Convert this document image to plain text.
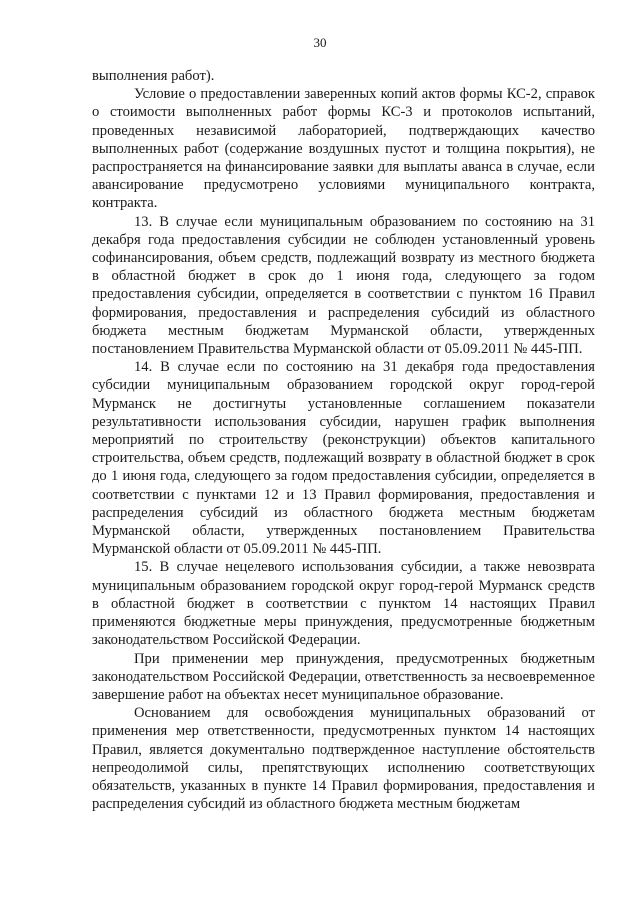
30

выполнения работ).

Условие о предоставлении заверенных копий актов формы КС-2, справок о стоимости выполненных работ формы КС-3 и протоколов испытаний, проведенных независимой лабораторией, подтверждающих качество выполненных работ (содержание воздушных пустот и толщина покрытия), не распространяется на финансирование заявки для выплаты аванса в случае, если авансирование предусмотрено условиями муниципального контракта, контракта.

13. В случае если муниципальным образованием по состоянию на 31 декабря года предоставления субсидии не соблюден установленный уровень софинансирования, объем средств, подлежащий возврату из местного бюджета в областной бюджет в срок до 1 июня года, следующего за годом предоставления субсидии, определяется в соответствии с пунктом 16 Правил формирования, предоставления и распределения субсидий из областного бюджета местным бюджетам Мурманской области, утвержденных постановлением Правительства Мурманской области от 05.09.2011 № 445-ПП.

14. В случае если по состоянию на 31 декабря года предоставления субсидии муниципальным образованием городской округ город-герой Мурманск не достигнуты установленные соглашением показатели результативности использования субсидии, нарушен график выполнения мероприятий по строительству (реконструкции) объектов капитального строительства, объем средств, подлежащий возврату в областной бюджет в срок до 1 июня года, следующего за годом предоставления субсидии, определяется в соответствии с пунктами 12 и 13 Правил формирования, предоставления и распределения субсидий из областного бюджета местным бюджетам Мурманской области, утвержденных постановлением Правительства Мурманской области от 05.09.2011 № 445-ПП.

15. В случае нецелевого использования субсидии, а также невозврата муниципальным образованием городской округ город-герой Мурманск средств в областной бюджет в соответствии с пунктом 14 настоящих Правил применяются бюджетные меры принуждения, предусмотренные бюджетным законодательством Российской Федерации.

При применении мер принуждения, предусмотренных бюджетным законодательством Российской Федерации, ответственность за несвоевременное завершение работ на объектах несет муниципальное образование.

Основанием для освобождения муниципальных образований от применения мер ответственности, предусмотренных пунктом 14 настоящих Правил, является документально подтвержденное наступление обстоятельств непреодолимой силы, препятствующих исполнению соответствующих обязательств, указанных в пункте 14 Правил формирования, предоставления и распределения субсидий из областного бюджета местным бюджетам
